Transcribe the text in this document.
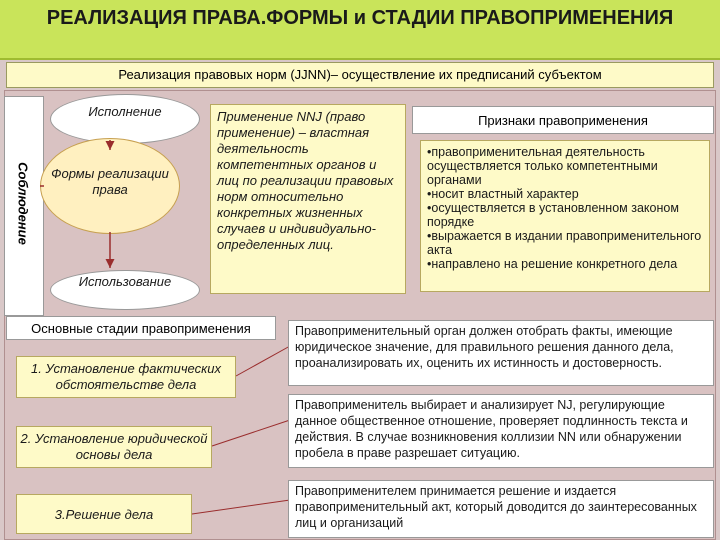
РЕАЛИЗАЦИЯ ПРАВА.ФОРМЫ и СТАДИИ ПРАВОПРИМЕНЕНИЯ
Реализация правовых норм (JJNN)– осуществление их предписаний субъектом
Соблюдение
Исполнение
Формы реализации права
Использование
Применение NNJ (право применение) – властная деятельность компетентных органов и лиц по реализации правовых норм относительно конкретных жизненных случаев и индивидуально-определенных лиц.
Признаки правоприменения
•правоприменительная деятельность осуществляется только компетентными органами
•носит властный характер
•осуществляется в установленном законом порядке
•выражается в издании правоприменительного акта
•направлено на решение конкретного дела
Основные стадии правоприменения
1. Установление фактических обстоятельстве дела
2. Установление юридической основы дела
3.Решение дела
Правоприменительный орган должен отобрать факты, имеющие юридическое значение, для правильного решения данного дела, проанализировать их, оценить их истинность и достоверность.
Правоприменитель выбирает и анализирует NJ, регулирующие данное общественное отношение, проверяет подлинность текста и действия. В случае возникновения коллизии NN или обнаружении пробела в праве разрешает ситуацию.
Правоприменителем принимается решение и издается правоприменительный акт, который доводится до заинтересованных лиц и организаций
